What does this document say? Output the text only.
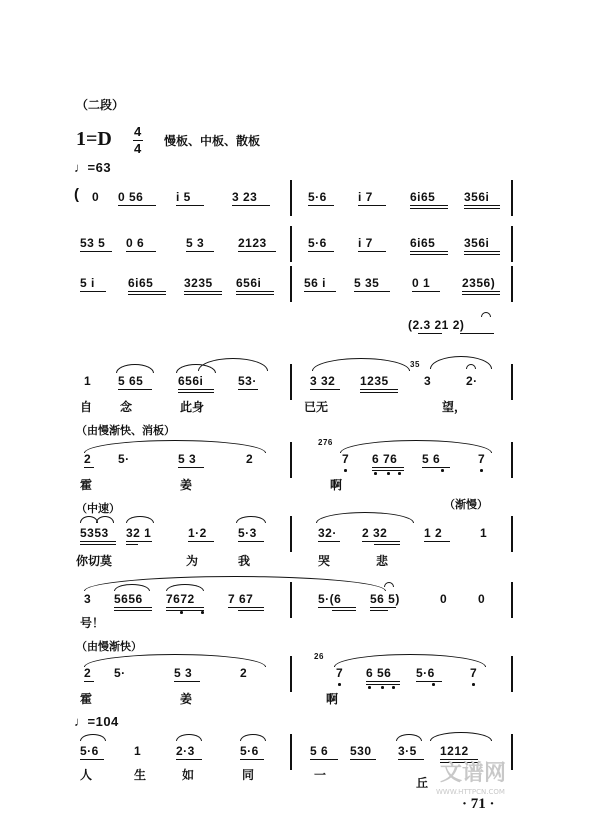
（二段）
1=D 4
4 慢板、中板、散板
♩=63
( 0 0 56	i 5	3 23	5·6	i 7	6i65 356i
53 5 0 6	5 3	2123	5·6	i 7	6i65 356i
5 i	6i65	3235 656i	56 i 5 35	0 1	2356)
(2.3 21 2)
1 5 65	656i	53·	3 32 1235
35
3	2·
自 念	此身	已无	望，
（由慢渐快、消板）
2 5·	5 3	2
276
7 6 76 5 6	7
霍	姜	啊
（中速）	（渐慢）
5353 32 1	1·2	5·3	32· 2 32	1 2	1
你切莫	为	我	哭	悲
3 5656 7672	7 67	5·(6 56 5)	0	0
号！
（由慢渐快）
2 5·	5 3	2
26
7 6 56 5·6	7
霍	姜	啊
♩=104
5·6	1	2·3	5·6	5 6 530 3·5 1212
人	生	如	同	一
丘 文谱网
WWW.HTTPCN.COM
· 71 ·
